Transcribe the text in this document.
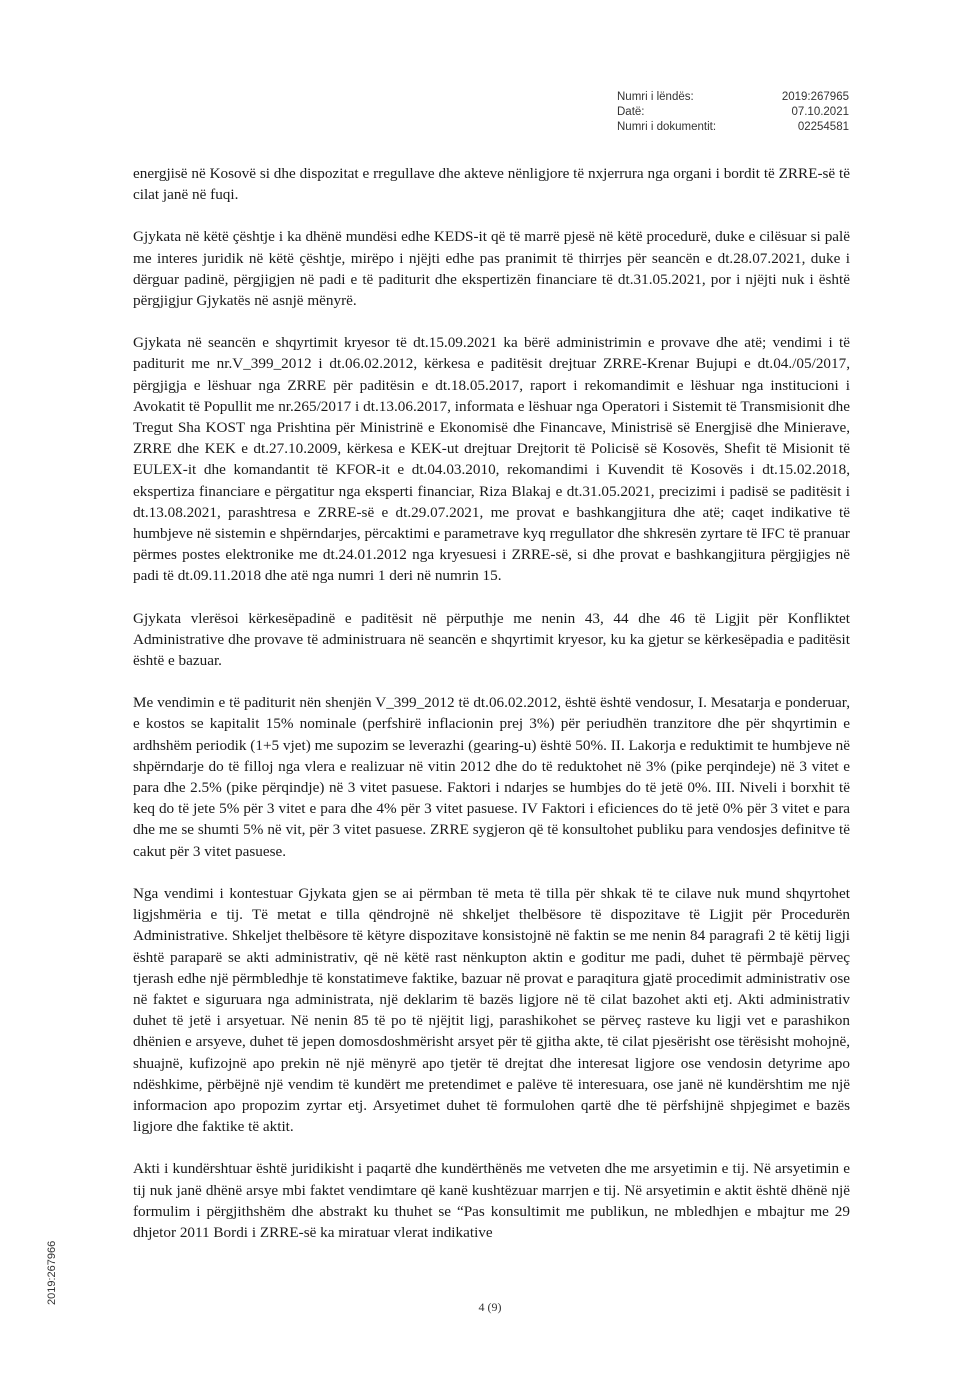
Numri i lëndës:	2019:267965
Datë:	07.10.2021
Numri i dokumentit:	02254581

energjisë në Kosovë si dhe dispozitat e rregullave dhe akteve nënligjore të nxjerrura nga organi i bordit të ZRRE-së të cilat janë në fuqi.

Gjykata në këtë çështje i ka dhënë mundësi edhe KEDS-it që të marrë pjesë në këtë procedurë, duke e cilësuar si palë me interes juridik në këtë çështje, mirëpo i njëjti edhe pas pranimit të thirrjes për seancën e dt.28.07.2021, duke i dërguar padinë, përgjigjen në padi e të paditurit dhe ekspertizën financiare të dt.31.05.2021, por i njëjti nuk i është përgjigjur Gjykatës në asnjë mënyrë.

Gjykata në seancën e shqyrtimit kryesor të dt.15.09.2021 ka bërë administrimin e provave dhe atë; vendimi i të paditurit me nr.V_399_2012 i dt.06.02.2012, kërkesa e paditësit drejtuar ZRRE-Krenar Bujupi e dt.04./05/2017, përgjigja e lëshuar nga ZRRE për paditësin e dt.18.05.2017, raport i rekomandimit e lëshuar nga institucioni i Avokatit të Popullit me nr.265/2017 i dt.13.06.2017, informata e lëshuar nga Operatori i Sistemit të Transmisionit dhe Tregut Sha KOST nga Prishtina për Ministrinë e Ekonomisë dhe Financave, Ministrisë së Energjisë dhe Minierave, ZRRE dhe KEK e dt.27.10.2009, kërkesa e KEK-ut drejtuar Drejtorit të Policisë së Kosovës, Shefit të Misionit të EULEX-it dhe komandantit të KFOR-it e dt.04.03.2010, rekomandimi i Kuvendit të Kosovës i dt.15.02.2018, ekspertiza financiare e përgatitur nga eksperti financiar, Riza Blakaj e dt.31.05.2021, precizimi i padisë se paditësit i dt.13.08.2021, parashtresa e ZRRE-së e dt.29.07.2021, me provat e bashkangjitura dhe atë; caqet indikative të humbjeve në sistemin e shpërndarjes, përcaktimi e parametrave kyq rregullator dhe shkresën zyrtare të IFC të pranuar përmes postes elektronike me dt.24.01.2012 nga kryesuesi i ZRRE-së, si dhe provat e bashkangjitura përgjigjes në padi të dt.09.11.2018 dhe atë nga numri 1 deri në numrin 15.

Gjykata vlerësoi kërkesëpadinë e paditësit në përputhje me nenin 43, 44 dhe 46 të Ligjit për Konfliktet Administrative dhe provave të administruara në seancën e shqyrtimit kryesor, ku ka gjetur se kërkesëpadia e paditësit është e bazuar.

Me vendimin e të paditurit nën shenjën V_399_2012 të dt.06.02.2012, është është vendosur, I. Mesatarja e ponderuar, e kostos se kapitalit 15% nominale (perfshirë inflacionin prej 3%) për periudhën tranzitore dhe për shqyrtimin e ardhshëm periodik (1+5 vjet) me supozim se leverazhi (gearing-u) është 50%. II. Lakorja e reduktimit te humbjeve në shpërndarje do të filloj nga vlera e realizuar në vitin 2012 dhe do të reduktohet në 3% (pike perqindeje) në 3 vitet e para dhe 2.5% (pike përqindje) në 3 vitet pasuese. Faktori i ndarjes se humbjes do të jetë 0%. III. Niveli i borxhit të keq do të jete 5% për 3 vitet e para dhe 4% për 3 vitet pasuese. IV Faktori i eficiences do të jetë 0% për 3 vitet e para dhe me se shumti 5% në vit, për 3 vitet pasuese. ZRRE sygjeron që të konsultohet publiku para vendosjes definitve të cakut për 3 vitet pasuese.

Nga vendimi i kontestuar Gjykata gjen se ai përmban të meta të tilla për shkak të te cilave nuk mund shqyrtohet ligjshmëria e tij. Të metat e tilla qëndrojnë në shkeljet thelbësore të dispozitave të Ligjit për Procedurën Administrative. Shkeljet thelbësore të këtyre dispozitave konsistojnë në faktin se me nenin 84 paragrafi 2 të këtij ligji është paraparë se akti administrativ, që në këtë rast nënkupton aktin e goditur me padi, duhet të përmbajë përveç tjerash edhe një përmbledhje të konstatimeve faktike, bazuar në provat e paraqitura gjatë procedimit administrativ ose në faktet e siguruara nga administrata, një deklarim të bazës ligjore në të cilat bazohet akti etj. Akti administrativ duhet të jetë i arsyetuar. Në nenin 85 të po të njëjtit ligj, parashikohet se përveç rasteve ku ligji vet e parashikon dhënien e arsyeve, duhet të jepen domosdoshmërisht arsyet për të gjitha akte, të cilat pjesërisht ose tërësisht mohojnë, shuajnë, kufizojnë apo prekin në një mënyrë apo tjetër të drejtat dhe interesat ligjore ose vendosin detyrime apo ndëshkime, përbëjnë një vendim të kundërt me pretendimet e palëve të interesuara, ose janë në kundërshtim me një informacion apo propozim zyrtar etj. Arsyetimet duhet të formulohen qartë dhe të përfshijnë shpjegimet e bazës ligjore dhe faktike të aktit.

Akti i kundërshtuar është juridikisht i paqartë dhe kundërthënës me vetveten dhe me arsyetimin e tij. Në arsyetimin e tij nuk janë dhënë arsye mbi faktet vendimtare që kanë kushtëzuar marrjen e tij. Në arsyetimin e aktit është dhënë një formulim i përgjithshëm dhe abstrakt ku thuhet se “Pas konsultimit me publikun, ne mbledhjen e mbajtur me 29 dhjetor 2011 Bordi i ZRRE-së ka miratuar vlerat indikative

4 (9)
2019:267966
